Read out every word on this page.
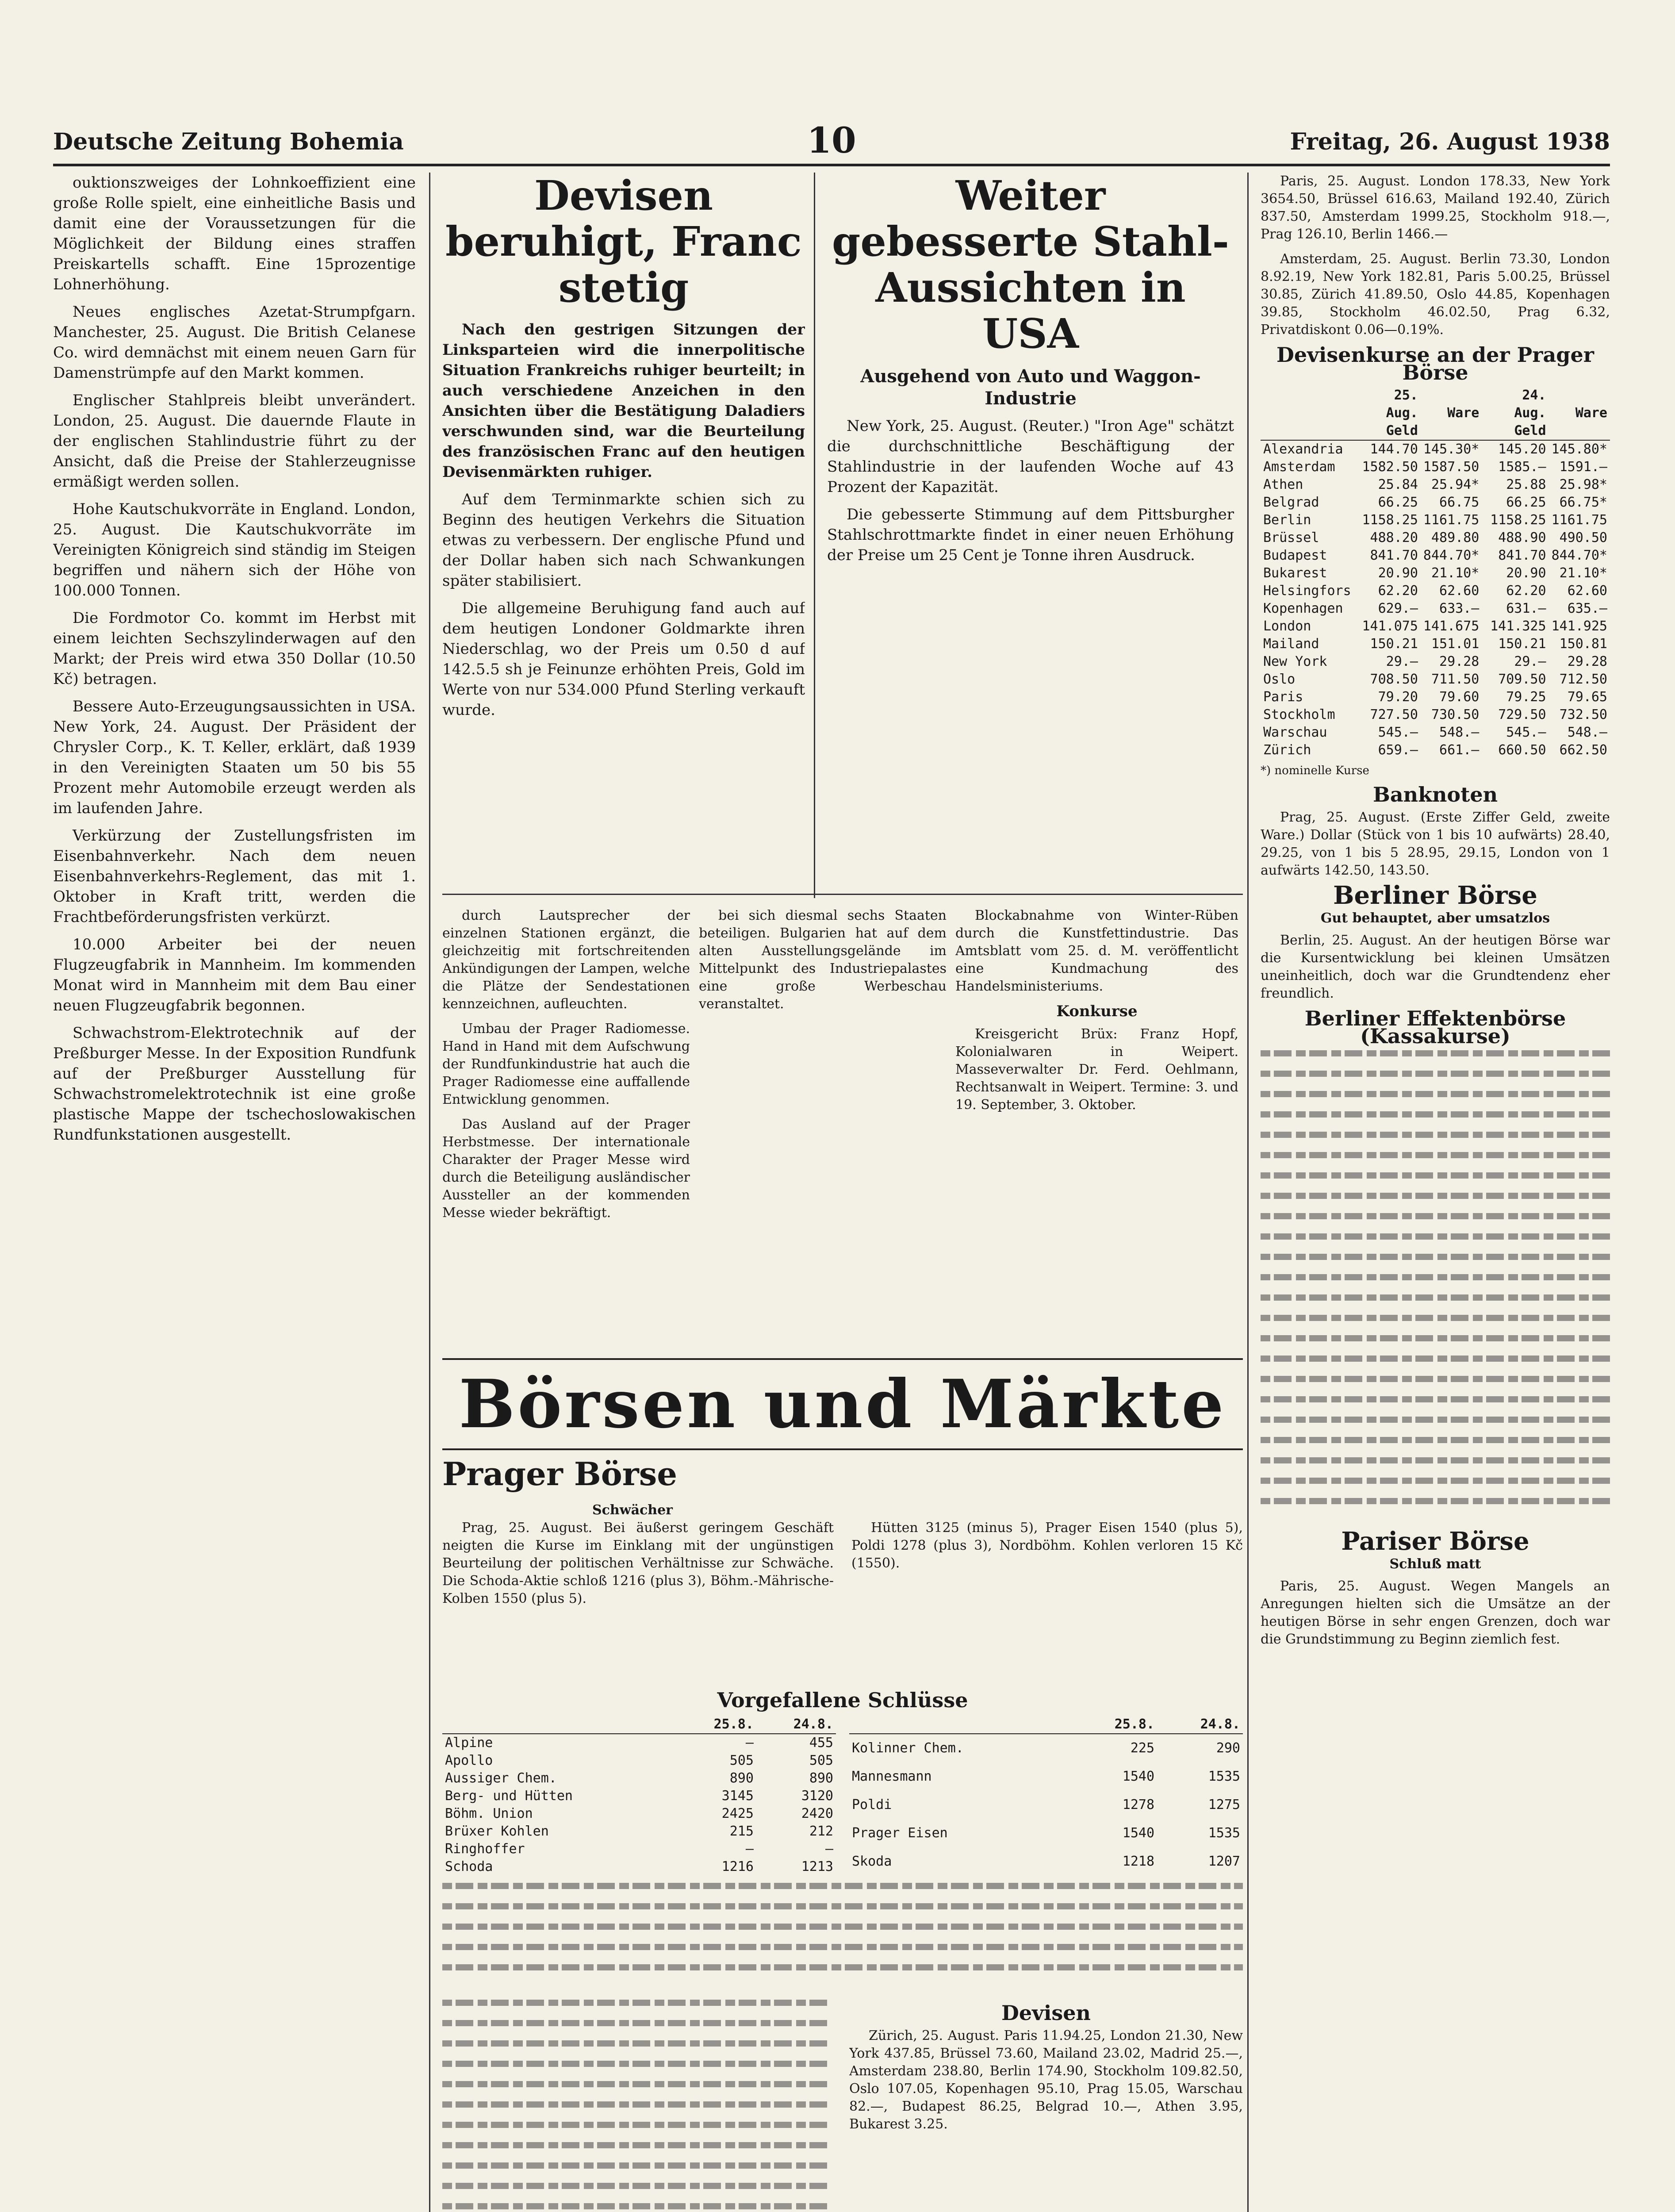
Deutsche Zeitung Bohemia	10	Freitag, 26. August 1938

ouktionszweiges der Lohnkoeffizient eine große Rolle spielt, eine einheitliche Basis und damit eine der Voraussetzungen für die Möglichkeit der Bildung eines straffen Preiskartells schafft. Eine 15prozentige Lohnerhöhung.

Neues englisches Azetat-Strumpfgarn. Manchester, 25. August. Die British Celanese Co. wird demnächst mit einem neuen Garn für Damenstrümpfe auf den Markt kommen.

Englischer Stahlpreis bleibt unverändert. London, 25. August. Die dauernde Flaute in der englischen Stahlindustrie führt zu der Ansicht, daß die Preise der Stahlerzeugnisse ermäßigt werden sollen.

Hohe Kautschukvorräte in England. London, 25. August. Die Kautschukvorräte im Vereinigten Königreich sind ständig im Steigen begriffen und nähern sich der Höhe von 100.000 Tonnen.

Die Fordmotor Co. kommt im Herbst mit einem leichten Sechszylinderwagen auf den Markt; der Preis wird etwa 350 Dollar (10.50 Kč) betragen.

Bessere Auto-Erzeugungsaussichten in USA. New York, 24. August. Der Präsident der Chrysler Corp., K. T. Keller, erklärt, daß 1939 in den Vereinigten Staaten um 50 bis 55 Prozent mehr Automobile erzeugt werden als im laufenden Jahre.

Verkürzung der Zustellungsfristen im Eisenbahnverkehr. Nach dem neuen Eisenbahnverkehrs-Reglement, das mit 1. Oktober in Kraft tritt, werden die Frachtbeförderungsfristen verkürzt.

10.000 Arbeiter bei der neuen Flugzeugfabrik in Mannheim. Im kommenden Monat wird in Mannheim mit dem Bau einer neuen Flugzeugfabrik begonnen.

Schwachstrom-Elektrotechnik auf der Preßburger Messe. In der Exposition Rundfunk auf der Preßburger Ausstellung für Schwachstromelektrotechnik ist eine große plastische Mappe der tschechoslowakischen Rundfunkstationen ausgestellt.

Devisen beruhigt, Franc stetig

Nach den gestrigen Sitzungen der Linksparteien wird die innerpolitische Situation Frankreichs ruhiger beurteilt; in auch verschiedene Anzeichen in den Ansichten über die Bestätigung Daladiers verschwunden sind, war die Beurteilung des französischen Franc auf den heutigen Devisenmärkten ruhiger.

Auf dem Terminmarkte schien sich zu Beginn des heutigen Verkehrs die Situation etwas zu verbessern. Der englische Pfund und der Dollar haben sich nach Schwankungen später stabilisiert.

Die allgemeine Beruhigung fand auch auf dem heutigen Londoner Goldmarkte ihren Niederschlag, wo der Preis um 0.50 d auf 142.5.5 sh je Feinunze erhöhten Preis, Gold im Werte von nur 534.000 Pfund Sterling verkauft wurde.

Weiter gebesserte Stahl-Aussichten in USA
Ausgehend von Auto und Waggon-Industrie

New York, 25. August. (Reuter.) "Iron Age" schätzt die durchschnittliche Beschäftigung der Stahlindustrie in der laufenden Woche auf 43 Prozent der Kapazität.

Die gebesserte Stimmung auf dem Pittsburgher Stahlschrottmarkte findet in einer neuen Erhöhung der Preise um 25 Cent je Tonne ihren Ausdruck.

Paris, 25. August. London 178.33, New York 3654.50, Brüssel 616.63, Mailand 192.40, Zürich 837.50, Amsterdam 1999.25, Stockholm 918.—, Prag 126.10, Berlin 1466.—

Amsterdam, 25. August. Berlin 73.30, London 8.92.19, New York 182.81, Paris 5.00.25, Brüssel 30.85, Zürich 41.89.50, Oslo 44.85, Kopenhagen 39.85, Stockholm 46.02.50, Prag 6.32, Privatdiskont 0.06—0.19%.

Devisenkurse an der Prager Börse
	25. Aug. Geld	Ware	24. Aug. Geld	Ware
Alexandria	144.70	145.30*	145.20	145.80*
Amsterdam	1582.50	1587.50	1585.—	1591.—
Athen	25.84	25.94*	25.88	25.98*
Belgrad	66.25	66.75	66.25	66.75*
Berlin	1158.25	1161.75	1158.25	1161.75
Brüssel	488.20	489.80	488.90	490.50
Budapest	841.70	844.70*	841.70	844.70*
Bukarest	20.90	21.10*	20.90	21.10*
Helsingfors	62.20	62.60	62.20	62.60
Kopenhagen	629.—	633.—	631.—	635.—
London	141.075	141.675	141.325	141.925
Mailand	150.21	151.01	150.21	150.81
New York	29.—	29.28	29.—	29.28
Oslo	708.50	711.50	709.50	712.50
Paris	79.20	79.60	79.25	79.65
Stockholm	727.50	730.50	729.50	732.50
Warschau	545.—	548.—	545.—	548.—
Zürich	659.—	661.—	660.50	662.50
*) nominelle Kurse
Banknoten

Prag, 25. August. (Erste Ziffer Geld, zweite Ware.) Dollar (Stück von 1 bis 10 aufwärts) 28.40, 29.25, von 1 bis 5 28.95, 29.15, London von 1 aufwärts 142.50, 143.50.

Berliner Börse
Gut behauptet, aber umsatzlos

Berlin, 25. August. An der heutigen Börse war die Kursentwicklung bei kleinen Umsätzen uneinheitlich, doch war die Grundtendenz eher freundlich.

Berliner Effektenbörse (Kassakurse)
Pariser Börse
Schluß matt

Paris, 25. August. Wegen Mangels an Anregungen hielten sich die Umsätze an der heutigen Börse in sehr engen Grenzen, doch war die Grundstimmung zu Beginn ziemlich fest.

durch Lautsprecher der einzelnen Stationen ergänzt, die gleichzeitig mit fortschreitenden Ankündigungen der Lampen, welche die Plätze der Sendestationen kennzeichnen, aufleuchten.

Umbau der Prager Radiomesse. Hand in Hand mit dem Aufschwung der Rundfunkindustrie hat auch die Prager Radiomesse eine auffallende Entwicklung genommen.

Das Ausland auf der Prager Herbstmesse. Der internationale Charakter der Prager Messe wird durch die Beteiligung ausländischer Aussteller an der kommenden Messe wieder bekräftigt.

bei sich diesmal sechs Staaten beteiligen. Bulgarien hat auf dem alten Ausstellungsgelände im Mittelpunkt des Industriepalastes eine große Werbeschau veranstaltet.

Blockabnahme von Winter-Rüben durch die Kunstfettindustrie. Das Amtsblatt vom 25. d. M. veröffentlicht eine Kundmachung des Handelsministeriums.

Konkurse

Kreisgericht Brüx: Franz Hopf, Kolonialwaren in Weipert. Masseverwalter Dr. Ferd. Oehlmann, Rechtsanwalt in Weipert. Termine: 3. und 19. September, 3. Oktober.

Börsen und Märkte
Prager Börse
Schwächer

Prag, 25. August. Bei äußerst geringem Geschäft neigten die Kurse im Einklang mit der ungünstigen Beurteilung der politischen Verhältnisse zur Schwäche. Die Schoda-Aktie schloß 1216 (plus 3), Böhm.-Mährische-Kolben 1550 (plus 5).

Hütten 3125 (minus 5), Prager Eisen 1540 (plus 5), Poldi 1278 (plus 3), Nordböhm. Kohlen verloren 15 Kč (1550).

Vorgefallene Schlüsse
	25.8.	24.8.
Alpine	—	455
Apollo	505	505
Aussiger Chem.	890	890
Berg- und Hütten	3145	3120
Böhm. Union	2425	2420
Brüxer Kohlen	215	212
Ringhoffer	—	—
Schoda	1216	1213
	25.8.	24.8.
Kolinner Chem.	225	290
Mannesmann	1540	1535
Poldi	1278	1275
Prager Eisen	1540	1535
Skoda	1218	1207
Devisen

Zürich, 25. August. Paris 11.94.25, London 21.30, New York 437.85, Brüssel 73.60, Mailand 23.02, Madrid 25.—, Amsterdam 238.80, Berlin 174.90, Stockholm 109.82.50, Oslo 107.05, Kopenhagen 95.10, Prag 15.05, Warschau 82.—, Budapest 86.25, Belgrad 10.—, Athen 3.95, Bukarest 3.25.
